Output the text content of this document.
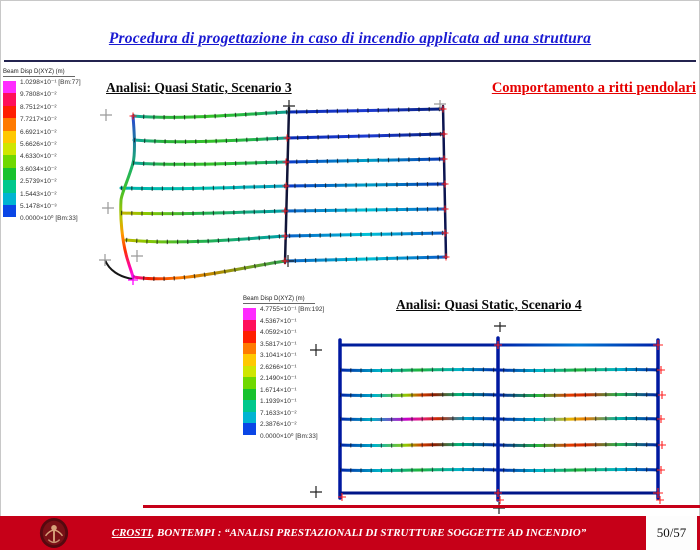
Procedura di progettazione in caso di incendio applicata ad una struttura
Beam Disp D(XYZ) (m)
1.0298×10⁻¹ [Bm:77]
9.7808×10⁻²
8.7512×10⁻²
7.7217×10⁻²
6.6921×10⁻²
5.6626×10⁻²
4.6330×10⁻²
3.6034×10⁻²
2.5739×10⁻²
1.5443×10⁻²
5.1478×10⁻³
0.0000×10⁰ [Bm:33]
Analisi: Quasi Static, Scenario 3	Comportamento a ritti pendolari
Beam Disp D(XYZ) (m)
4.7755×10⁻¹ [Bm:192]
4.5367×10⁻¹
4.0592×10⁻¹
3.5817×10⁻¹
3.1041×10⁻¹
2.6266×10⁻¹
2.1490×10⁻¹
1.6714×10⁻¹
1.1939×10⁻¹
7.1633×10⁻²
2.3876×10⁻²
0.0000×10⁰ [Bm:33]
Analisi: Quasi Static, Scenario 4
CROSTI, BONTEMPI : “ANALISI PRESTAZIONALI DI STRUTTURE SOGGETTE AD INCENDIO”	50/57
